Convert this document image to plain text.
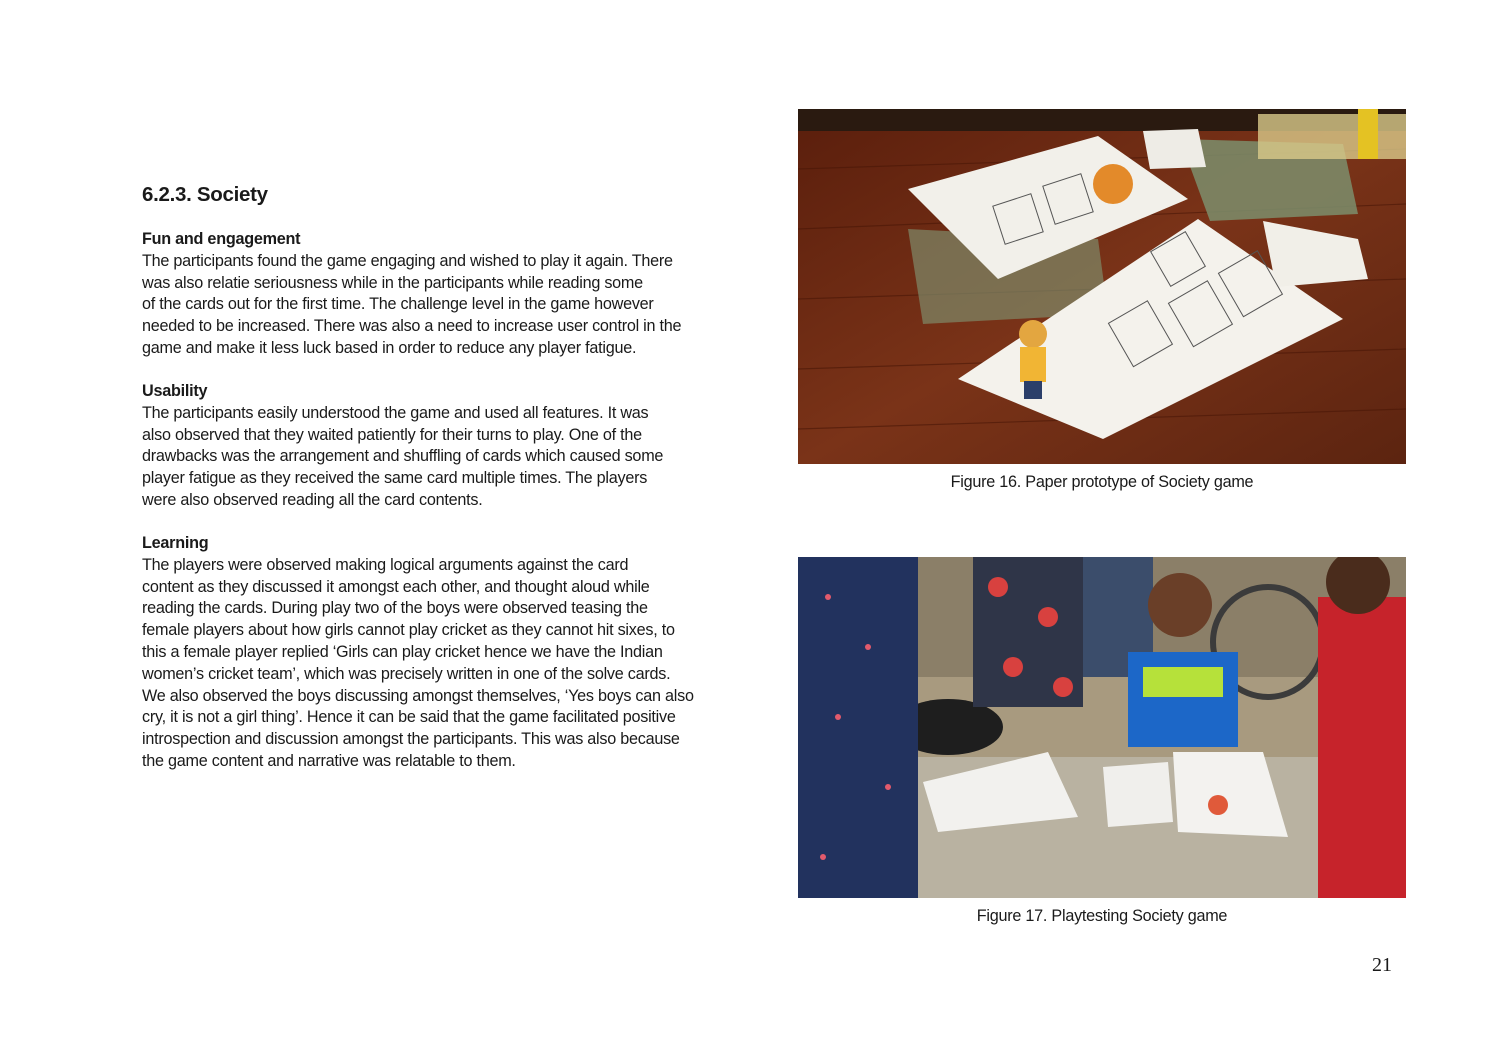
6.2.3. Society
Fun and engagement

The participants found the game engaging and wished to play it again. There

was also relatie seriousness while in the participants while reading some

of the cards out for the first time. The challenge level in the game however

needed to be increased. There was also a need to increase user control in the

game and make it less luck based in order to reduce any player fatigue.

Usability

The participants easily understood the game and used all features. It was

also observed that they waited patiently for their turns to play. One of the

drawbacks was the arrangement and shuffling of cards which caused some

player fatigue as they received the same card multiple times. The players

were also observed reading all the card contents.

Learning

The players were observed making logical arguments against the card

content as they discussed it amongst each other, and thought aloud while

reading the cards. During play two of the boys were observed teasing the

female players about how girls cannot play cricket as they cannot hit sixes, to

this a female player replied ‘Girls can play cricket hence we have the Indian

women’s cricket team’, which was precisely written in one of the solve cards.

We also observed the boys discussing amongst themselves, ‘Yes boys can also

cry, it is not a girl thing’. Hence it can be said that the game facilitated positive

introspection and discussion amongst the participants. This was also because

the game content and narrative was relatable to them.

Figure 16. Paper prototype of Society game
Figure 17. Playtesting Society game
21
